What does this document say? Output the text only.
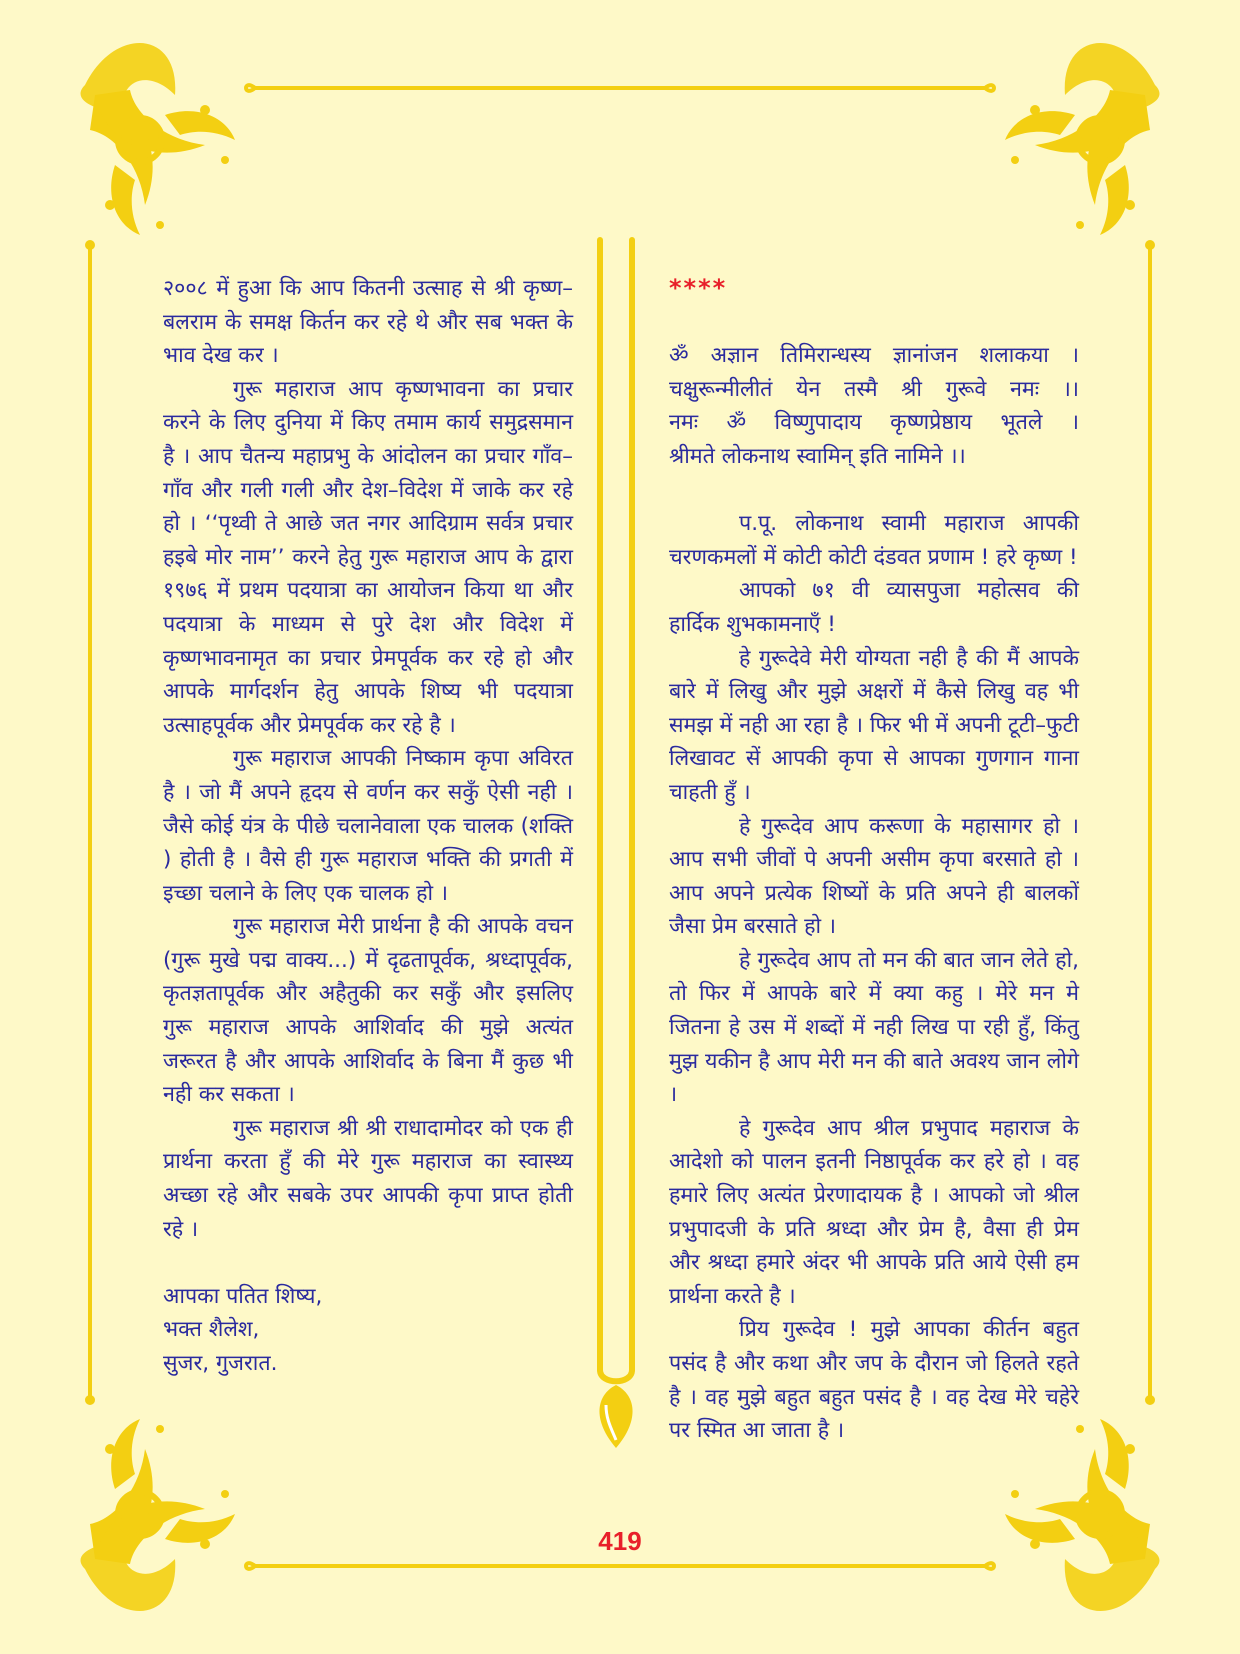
२००८ में हुआ कि आप कितनी उत्साह से श्री कृष्ण–बलराम के समक्ष किर्तन कर रहे थे और सब भक्त के भाव देख कर ।

गुरू महाराज आप कृष्णभावना का प्रचार करने के लिए दुनिया में किए तमाम कार्य समुद्रसमान है । आप चैतन्य महाप्रभु के आंदोलन का प्रचार गाँव–गाँव और गली गली और देश–विदेश में जाके कर रहे हो । ‘‘पृथ्वी ते आछे जत नगर आदिग्राम सर्वत्र प्रचार हइबे मोर नाम’’ करने हेतु गुरू महाराज आप के द्वारा १९७६ में प्रथम पदयात्रा का आयोजन किया था और पदयात्रा के माध्यम से पुरे देश और विदेश में कृष्णभावनामृत का प्रचार प्रेमपूर्वक कर रहे हो और आपके मार्गदर्शन हेतु आपके शिष्य भी पदयात्रा उत्साहपूर्वक और प्रेमपूर्वक कर रहे है ।

गुरू महाराज आपकी निष्काम कृपा अविरत है । जो मैं अपने हृदय से वर्णन कर सकुँ ऐसी नही । जैसे कोई यंत्र के पीछे चलानेवाला एक चालक (शक्ति ) होती है । वैसे ही गुरू महाराज भक्ति की प्रगती में इच्छा चलाने के लिए एक चालक हो ।

गुरू महाराज मेरी प्रार्थना है की आपके वचन (गुरू मुखे पद्म वाक्य...) में दृढतापूर्वक, श्रध्दापूर्वक, कृतज्ञतापूर्वक और अहैतुकी कर सकुँ और इसलिए गुरू महाराज आपके आशिर्वाद की मुझे अत्यंत जरूरत है और आपके आशिर्वाद के बिना मैं कुछ भी नही कर सकता ।

गुरू महाराज श्री श्री राधादामोदर को एक ही प्रार्थना करता हुँ की मेरे गुरू महाराज का स्वास्थ्य अच्छा रहे और सबके उपर आपकी कृपा प्राप्त होती रहे ।

आपका पतित शिष्य,

भक्त शैलेश,

सुजर, गुजरात.

****

ॐ अज्ञान तिमिरान्धस्य ज्ञानांजन शलाकया ।

चक्षुरून्मीलीतं येन तस्मै श्री गुरूवे नमः ।।

नमः ॐ विष्णुपादाय कृष्णप्रेष्ठाय भूतले ।

श्रीमते लोकनाथ स्वामिन् इति नामिने ।।

प.पू. लोकनाथ स्वामी महाराज आपकी चरणकमलों में कोटी कोटी दंडवत प्रणाम ! हरे कृष्ण !

आपको ७१ वी व्यासपुजा महोत्सव की हार्दिक शुभकामनाएँ !

हे गुरूदेवे मेरी योग्यता नही है की मैं आपके बारे में लिखु और मुझे अक्षरों में कैसे लिखु वह भी समझ में नही आ रहा है । फिर भी में अपनी टूटी–फुटी लिखावट सें आपकी कृपा से आपका गुणगान गाना चाहती हुँ ।

हे गुरूदेव आप करूणा के महासागर हो । आप सभी जीवों पे अपनी असीम कृपा बरसाते हो । आप अपने प्रत्येक शिष्यों के प्रति अपने ही बालकों जैसा प्रेम बरसाते हो ।

हे गुरूदेव आप तो मन की बात जान लेते हो, तो फिर में आपके बारे में क्या कहु । मेरे मन मे जितना हे उस में शब्दों में नही लिख पा रही हुँ, किंतु मुझ यकीन है आप मेरी मन की बाते अवश्य जान लोगे ।

हे गुरूदेव आप श्रील प्रभुपाद महाराज के आदेशो को पालन इतनी निष्ठापूर्वक कर हरे हो । वह हमारे लिए अत्यंत प्रेरणादायक है । आपको जो श्रील प्रभुपादजी के प्रति श्रध्दा और प्रेम है, वैसा ही प्रेम और श्रध्दा हमारे अंदर भी आपके प्रति आये ऐसी हम प्रार्थना करते है ।

प्रिय गुरूदेव ! मुझे आपका कीर्तन बहुत पसंद है और कथा और जप के दौरान जो हिलते रहते है । वह मुझे बहुत बहुत पसंद है । वह देख मेरे चहेरे पर स्मित आ जाता है ।

419
